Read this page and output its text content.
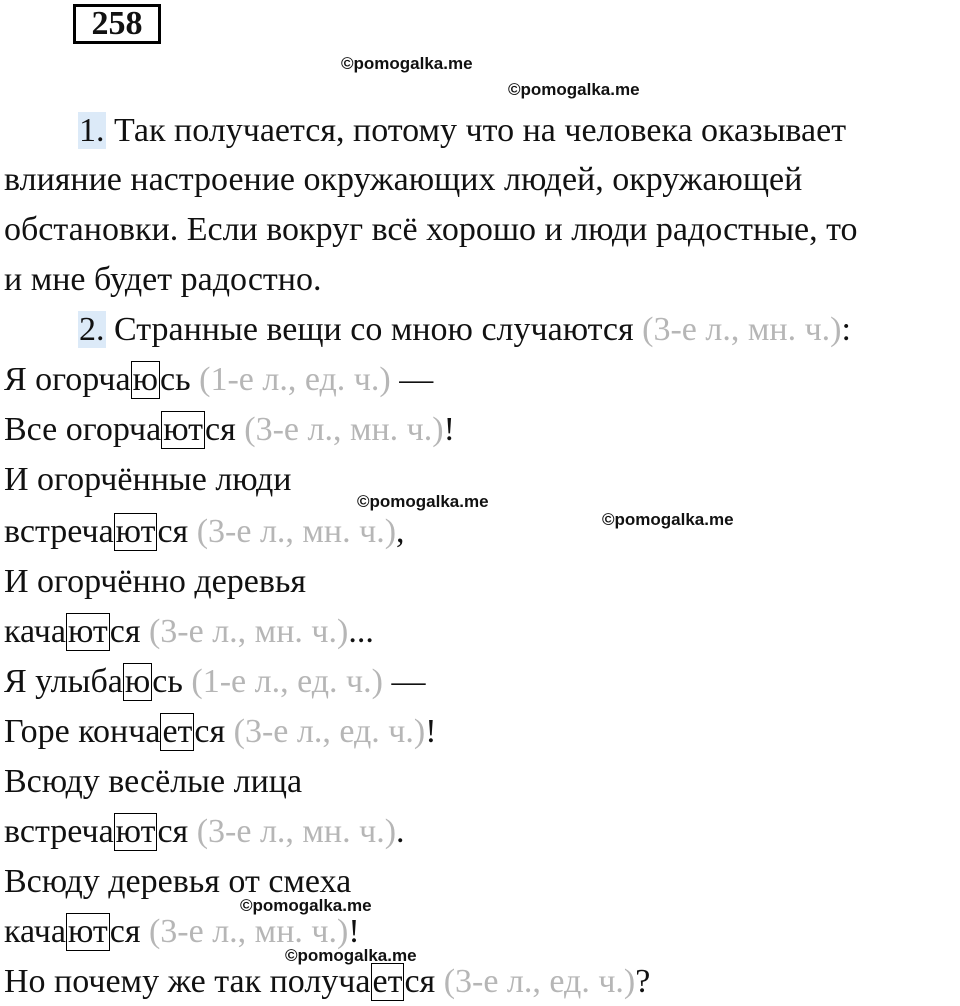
258
©pomogalka.me
©pomogalka.me
©pomogalka.me
©pomogalka.me
©pomogalka.me
©pomogalka.me
1. Так получается, потому что на человека оказывает
влияние настроение окружающих людей, окружающей
обстановки. Если вокруг всё хорошо и люди радостные, то
и мне будет радостно.
2. Странные вещи со мною случаются (3-е л., мн. ч.):
Я огорчаюсь (1-е л., ед. ч.) —
Все огорчаются (3-е л., мн. ч.)!
И огорчённые люди
встречаются (3-е л., мн. ч.),
И огорчённо деревья
качаются (3-е л., мн. ч.)...
Я улыбаюсь (1-е л., ед. ч.) —
Горе кончается (3-е л., ед. ч.)!
Всюду весёлые лица
встречаются (3-е л., мн. ч.).
Всюду деревья от смеха
качаются (3-е л., мн. ч.)!
Но почему же так получается (3-е л., ед. ч.)?
